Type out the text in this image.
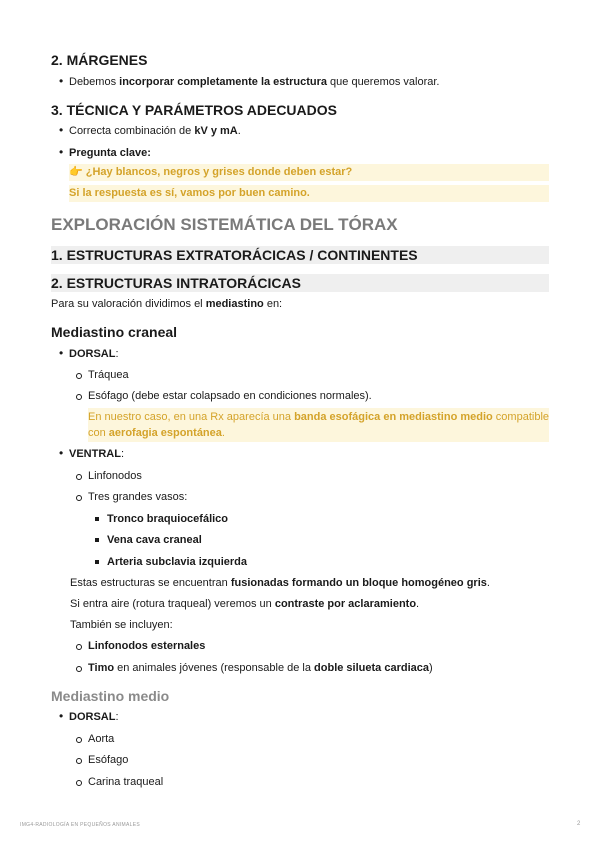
2. MÁRGENES
•
Debemos incorporar completamente la estructura que queremos valorar.
3. TÉCNICA Y PARÁMETROS ADECUADOS
•
Correcta combinación de kV y mA.
•
Pregunta clave:
👉 ¿Hay blancos, negros y grises donde deben estar?
Si la respuesta es sí, vamos por buen camino.
EXPLORACIÓN SISTEMÁTICA DEL TÓRAX
1. ESTRUCTURAS EXTRATORÁCICAS / CONTINENTES
2. ESTRUCTURAS INTRATORÁCICAS
Para su valoración dividimos el mediastino en:
Mediastino craneal
•
DORSAL:
Tráquea
Esófago (debe estar colapsado en condiciones normales).
En nuestro caso, en una Rx aparecía una banda esofágica en mediastino medio compatible
con aerofagia espontánea.
•
VENTRAL:
Linfonodos
Tres grandes vasos:
Tronco braquiocefálico
Vena cava craneal
Arteria subclavia izquierda
Estas estructuras se encuentran fusionadas formando un bloque homogéneo gris.
Si entra aire (rotura traqueal) veremos un contraste por aclaramiento.
También se incluyen:
Linfonodos esternales
Timo en animales jóvenes (responsable de la doble silueta cardiaca)
Mediastino medio
•
DORSAL:
Aorta
Esófago
Carina traqueal
IMG4-RADIOLOGÍA EN PEQUEÑOS ANIMALES	2
